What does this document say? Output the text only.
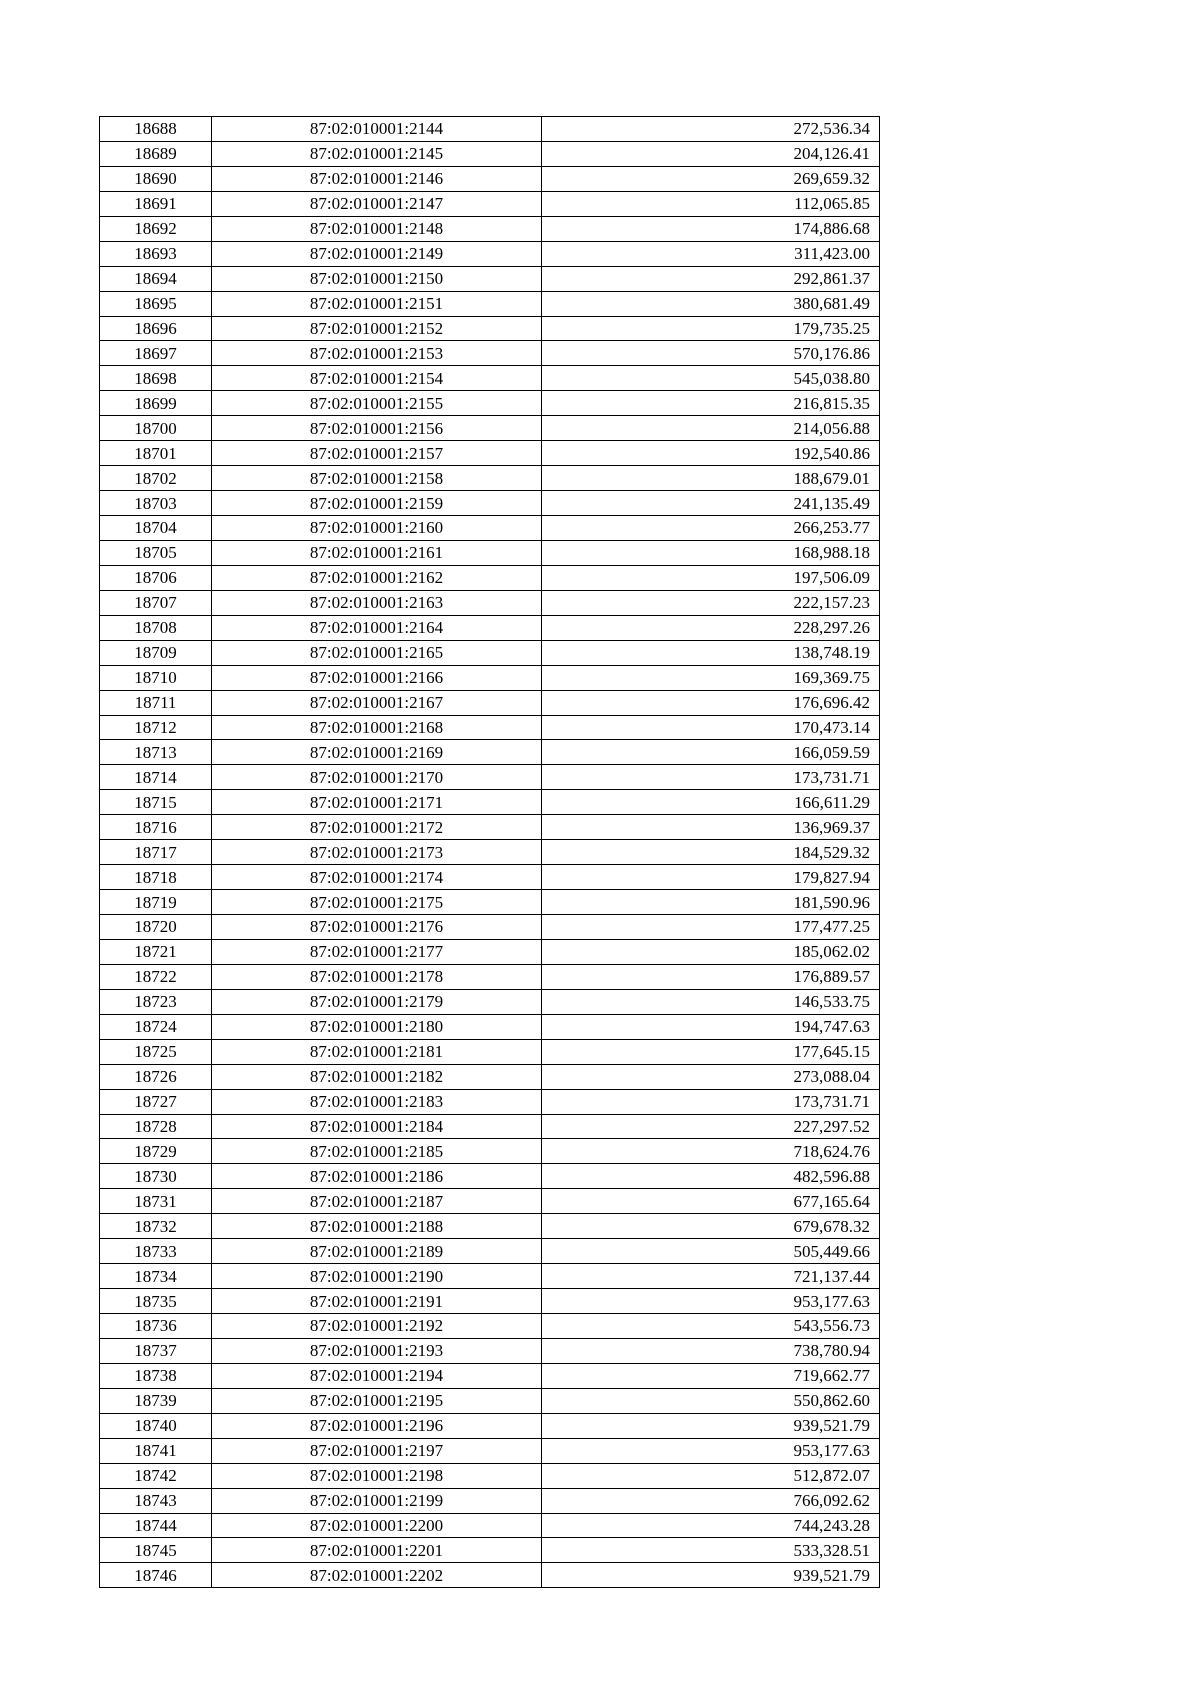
18688	87:02:010001:2144	272,536.34
18689	87:02:010001:2145	204,126.41
18690	87:02:010001:2146	269,659.32
18691	87:02:010001:2147	112,065.85
18692	87:02:010001:2148	174,886.68
18693	87:02:010001:2149	311,423.00
18694	87:02:010001:2150	292,861.37
18695	87:02:010001:2151	380,681.49
18696	87:02:010001:2152	179,735.25
18697	87:02:010001:2153	570,176.86
18698	87:02:010001:2154	545,038.80
18699	87:02:010001:2155	216,815.35
18700	87:02:010001:2156	214,056.88
18701	87:02:010001:2157	192,540.86
18702	87:02:010001:2158	188,679.01
18703	87:02:010001:2159	241,135.49
18704	87:02:010001:2160	266,253.77
18705	87:02:010001:2161	168,988.18
18706	87:02:010001:2162	197,506.09
18707	87:02:010001:2163	222,157.23
18708	87:02:010001:2164	228,297.26
18709	87:02:010001:2165	138,748.19
18710	87:02:010001:2166	169,369.75
18711	87:02:010001:2167	176,696.42
18712	87:02:010001:2168	170,473.14
18713	87:02:010001:2169	166,059.59
18714	87:02:010001:2170	173,731.71
18715	87:02:010001:2171	166,611.29
18716	87:02:010001:2172	136,969.37
18717	87:02:010001:2173	184,529.32
18718	87:02:010001:2174	179,827.94
18719	87:02:010001:2175	181,590.96
18720	87:02:010001:2176	177,477.25
18721	87:02:010001:2177	185,062.02
18722	87:02:010001:2178	176,889.57
18723	87:02:010001:2179	146,533.75
18724	87:02:010001:2180	194,747.63
18725	87:02:010001:2181	177,645.15
18726	87:02:010001:2182	273,088.04
18727	87:02:010001:2183	173,731.71
18728	87:02:010001:2184	227,297.52
18729	87:02:010001:2185	718,624.76
18730	87:02:010001:2186	482,596.88
18731	87:02:010001:2187	677,165.64
18732	87:02:010001:2188	679,678.32
18733	87:02:010001:2189	505,449.66
18734	87:02:010001:2190	721,137.44
18735	87:02:010001:2191	953,177.63
18736	87:02:010001:2192	543,556.73
18737	87:02:010001:2193	738,780.94
18738	87:02:010001:2194	719,662.77
18739	87:02:010001:2195	550,862.60
18740	87:02:010001:2196	939,521.79
18741	87:02:010001:2197	953,177.63
18742	87:02:010001:2198	512,872.07
18743	87:02:010001:2199	766,092.62
18744	87:02:010001:2200	744,243.28
18745	87:02:010001:2201	533,328.51
18746	87:02:010001:2202	939,521.79
